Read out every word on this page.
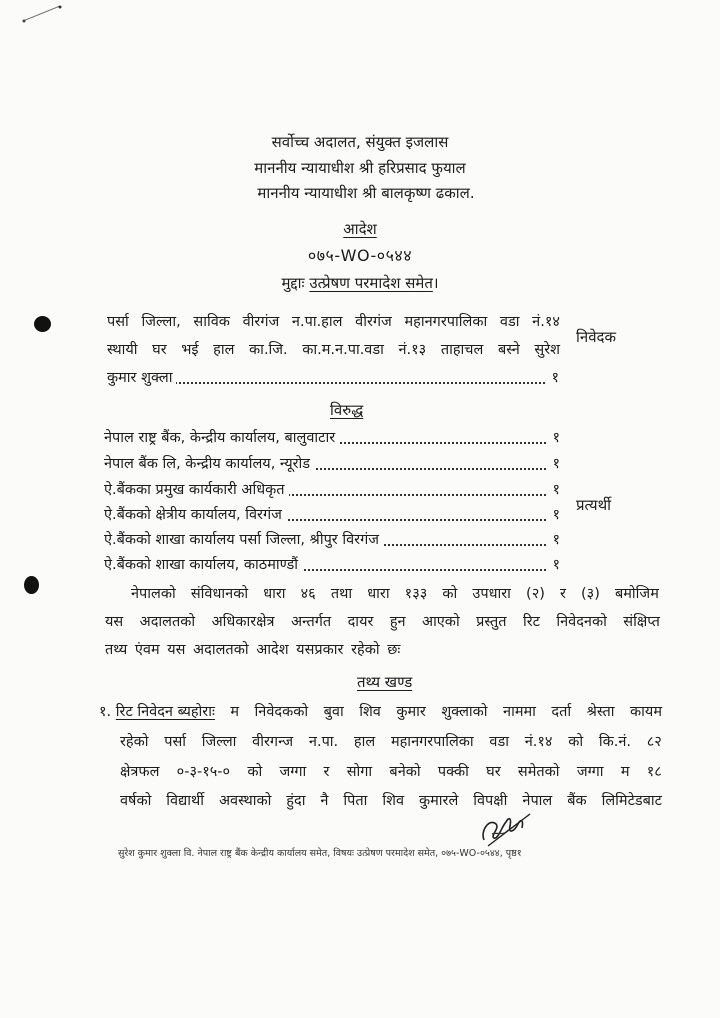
सर्वोच्च अदालत, संयुक्त इजलास
माननीय न्यायाधीश श्री हरिप्रसाद फुयाल
माननीय न्यायाधीश श्री बालकृष्ण ढकाल.
आदेश
०७५-WO-०५४४
मुद्दाः उत्प्रेषण परमादेश समेत।
पर्सा जिल्ला, साविक वीरगंज न.पा.हाल वीरगंज महानगरपालिका वडा नं.१४
स्थायी घर भई हाल का.जि. का.म.न.पा.वडा नं.१३ ताहाचल बस्ने सुरेश
कुमार शुक्ला	१
निवेदक
विरुद्ध
नेपाल राष्ट्र बैंक, केन्द्रीय कार्यालय, बालुवाटार	१
नेपाल बैंक लि, केन्द्रीय कार्यालय, न्यूरोड	१
ऐ.बैंकका प्रमुख कार्यकारी अधिकृत	१
ऐ.बैंकको क्षेत्रीय कार्यालय, विरगंज	१
ऐ.बैंकको शाखा कार्यालय पर्सा जिल्ला, श्रीपुर विरगंज	१
ऐ.बैंकको शाखा कार्यालय, काठमाण्डौं	१
प्रत्यर्थी
नेपालको संविधानको धारा ४६ तथा धारा १३३ को उपधारा (२) र (३) बमोजिम
यस अदालतको अधिकारक्षेत्र अन्तर्गत दायर हुन आएको प्रस्तुत रिट निवेदनको संक्षिप्त
तथ्य एंवम यस अदालतको आदेश यसप्रकार रहेको छः
तथ्य खण्ड
१. रिट निवेदन ब्यहोराः म निवेदकको बुवा शिव कुमार शुक्लाको नाममा दर्ता श्रेस्ता कायम
रहेको पर्सा जिल्ला वीरगन्ज न.पा. हाल महानगरपालिका वडा नं.१४ को कि.नं. ८२
क्षेत्रफल ०-३-१५-० को जग्गा र सोगा बनेको पक्की घर समेतको जग्गा म १८
वर्षको विद्यार्थी अवस्थाको हुंदा नै पिता शिव कुमारले विपक्षी नेपाल बैंक लिमिटेडबाट
सुरेश कुमार शुक्ला वि. नेपाल राष्ट्र बैंक केन्द्रीय कार्यालय समेत, विषयः उत्प्रेषण परमादेश समेत, ०७५-WO-०५४४, पृष्ठ१
